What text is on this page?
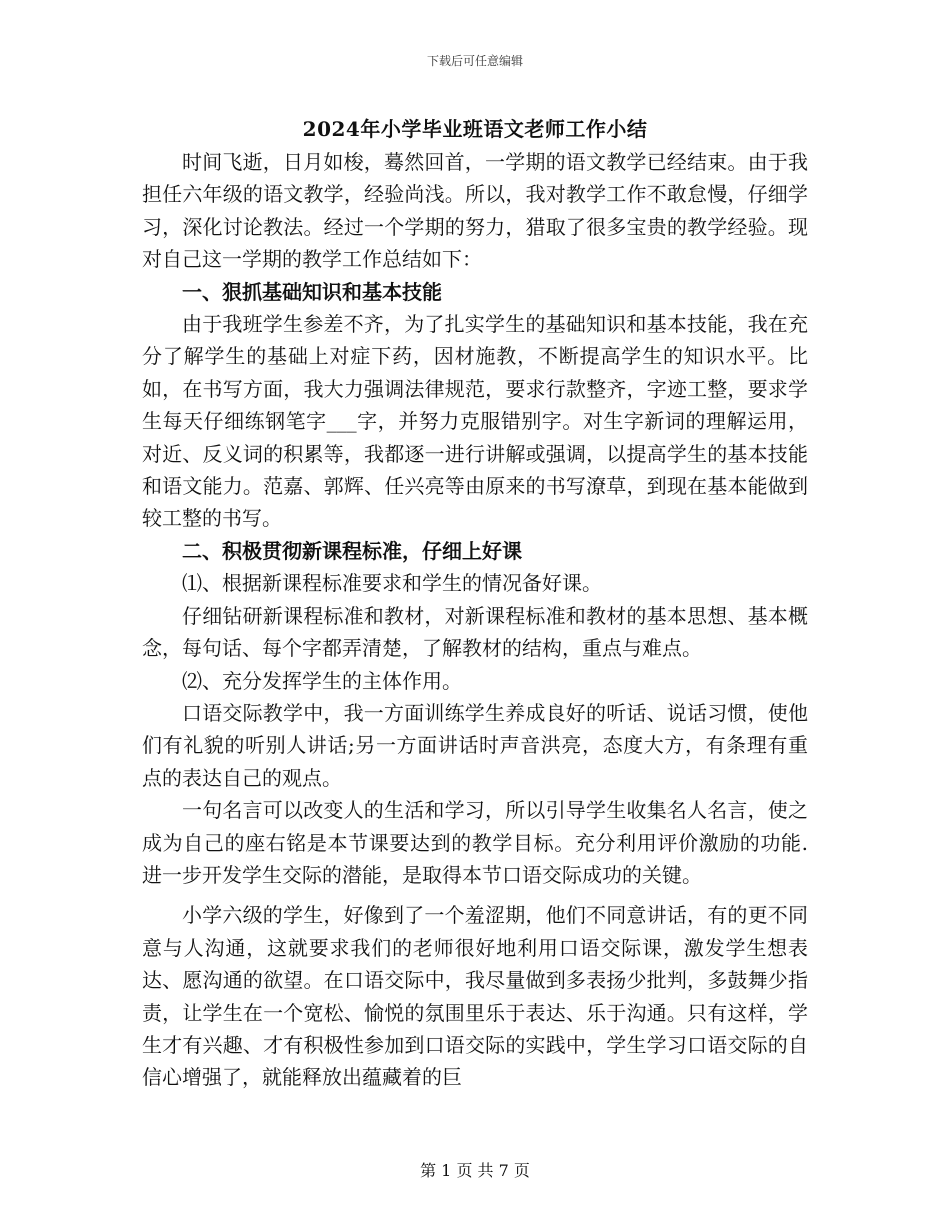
下载后可任意编辑
2024年小学毕业班语文老师工作小结

时间飞逝，日月如梭，蓦然回首，一学期的语文教学已经结束。由于我担任六年级的语文教学，经验尚浅。所以，我对教学工作不敢怠慢，仔细学习，深化讨论教法。经过一个学期的努力，猎取了很多宝贵的教学经验。现对自己这一学期的教学工作总结如下：

一、狠抓基础知识和基本技能

由于我班学生参差不齐，为了扎实学生的基础知识和基本技能，我在充分了解学生的基础上对症下药，因材施教，不断提高学生的知识水平。比如，在书写方面，我大力强调法律规范，要求行款整齐，字迹工整，要求学生每天仔细练钢笔字___字，并努力克服错别字。对生字新词的理解运用，对近、反义词的积累等，我都逐一进行讲解或强调，以提高学生的基本技能和语文能力。范嘉、郭辉、任兴亮等由原来的书写潦草，到现在基本能做到较工整的书写。

二、积极贯彻新课程标准，仔细上好课

⑴、根据新课程标准要求和学生的情况备好课。

仔细钻研新课程标准和教材，对新课程标准和教材的基本思想、基本概念，每句话、每个字都弄清楚，了解教材的结构，重点与难点。

⑵、充分发挥学生的主体作用。

口语交际教学中，我一方面训练学生养成良好的听话、说话习惯，使他们有礼貌的听别人讲话;另一方面讲话时声音洪亮，态度大方，有条理有重点的表达自己的观点。

一句名言可以改变人的生活和学习，所以引导学生收集名人名言，使之成为自己的座右铭是本节课要达到的教学目标。充分利用评价激励的功能.进一步开发学生交际的潜能，是取得本节口语交际成功的关键。

小学六级的学生，好像到了一个羞涩期，他们不同意讲话，有的更不同意与人沟通，这就要求我们的老师很好地利用口语交际课，激发学生想表达、愿沟通的欲望。在口语交际中，我尽量做到多表扬少批判，多鼓舞少指责，让学生在一个宽松、愉悦的氛围里乐于表达、乐于沟通。只有这样，学生才有兴趣、才有积极性参加到口语交际的实践中，学生学习口语交际的自信心增强了，就能释放出蕴藏着的巨

第 1 页 共 7 页
